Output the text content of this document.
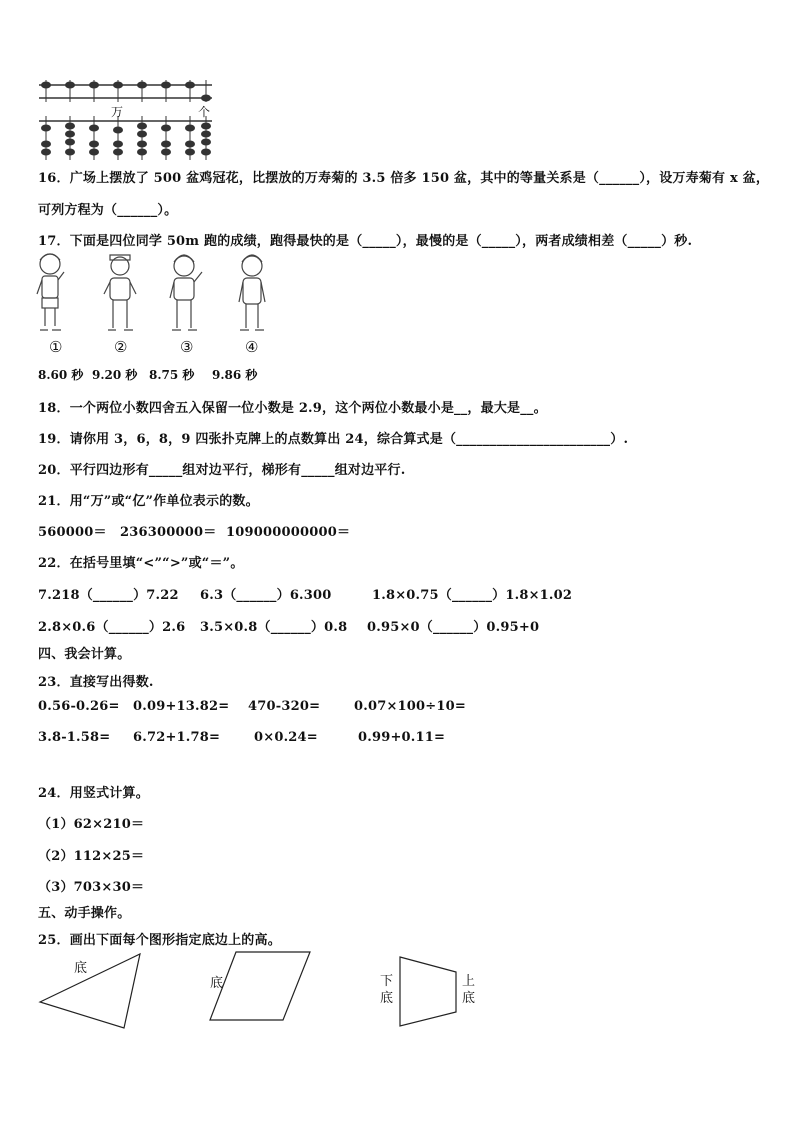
万	个
16．广场上摆放了 500 盆鸡冠花，比摆放的万寿菊的 3.5 倍多 150 盆，其中的等量关系是（______），设万寿菊有 x 盆，
可列方程为（______）。
17．下面是四位同学 50m 跑的成绩，跑得最快的是（_____），最慢的是（_____），两者成绩相差（_____）秒.
①	②	③	④
8.60 秒 9.20 秒 8.75 秒 9.86 秒
18．一个两位小数四舍五入保留一位小数是 2.9，这个两位小数最小是__，最大是__。
19．请你用 3，6，8，9 四张扑克牌上的点数算出 24，综合算式是（_______________________）.
20．平行四边形有_____组对边平行，梯形有_____组对边平行.
21．用“万”或“亿”作单位表示的数。
560000＝ 236300000＝ 109000000000＝
22．在括号里填“<”“>”或“＝”。
7.218（______）7.22 6.3（______）6.300	1.8×0.75（______）1.8×1.02
2.8×0.6（______）2.6 3.5×0.8（______）0.8 0.95×0（______）0.95+0
四、我会计算。
23．直接写出得数.
0.56-0.26= 0.09+13.82= 470-320=	0.07×100÷10=
3.8-1.58= 6.72+1.78=	0×0.24=	0.99+0.11=
24．用竖式计算。
（1）62×210＝
（2）112×25＝
（3）703×30＝
五、动手操作。
25．画出下面每个图形指定底边上的高。
底
底	下底
上底
